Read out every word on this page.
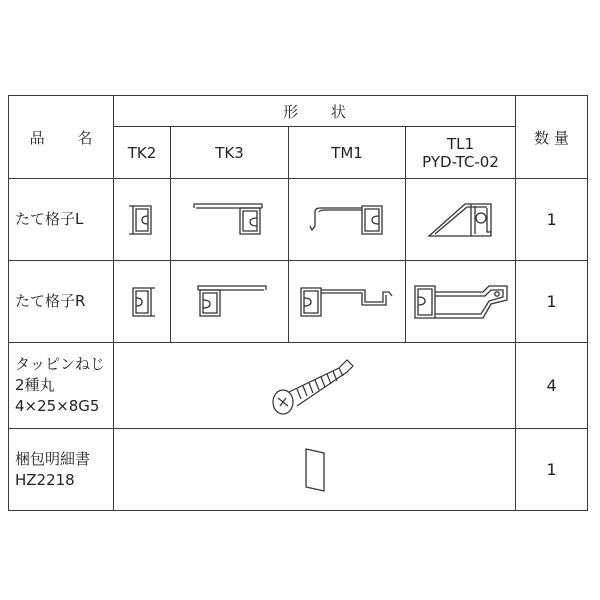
品 名	形 状				数 量
	TK2	TK3	TM1	TL1
PYD-TC-02	

たて格子L					1

たて格子R					1

タッピンねじ
2種丸
4×25×8G5					4

梱包明細書
HZ2218					1
